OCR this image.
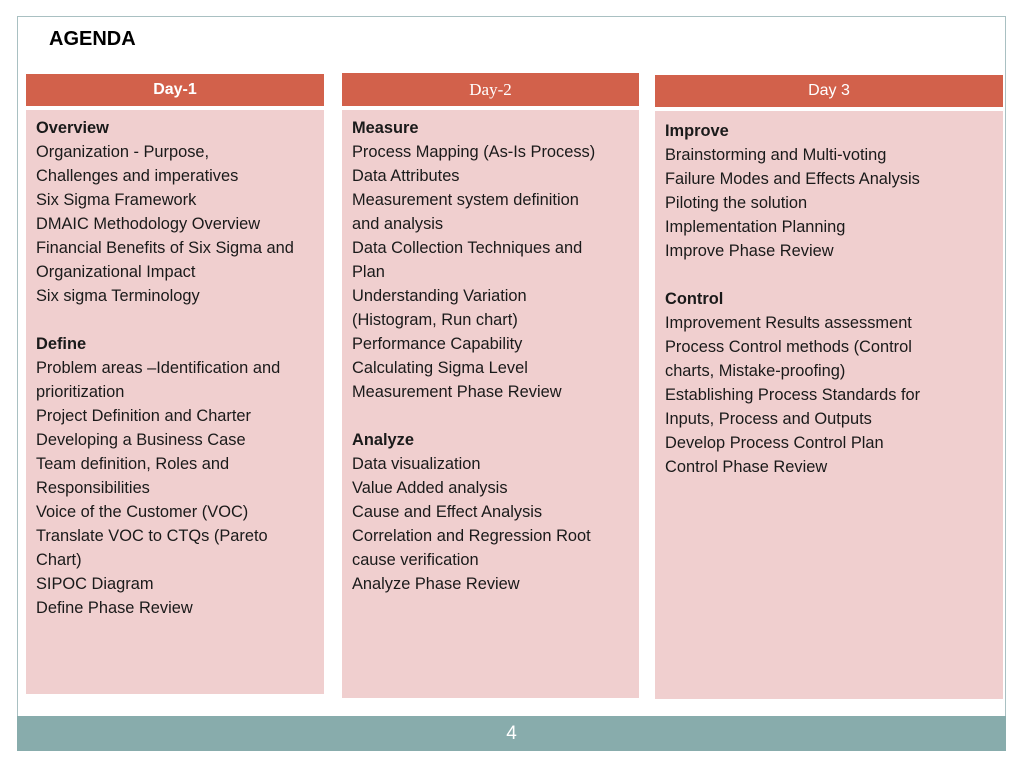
AGENDA
Day-1
Overview
Organization - Purpose,
Challenges and imperatives
Six Sigma Framework
DMAIC Methodology Overview
Financial Benefits of Six Sigma and
Organizational Impact
Six sigma Terminology
Define
Problem areas –Identification and
prioritization
Project Definition and Charter
Developing a Business Case
Team definition, Roles and
Responsibilities
Voice of the Customer (VOC)
Translate VOC to CTQs (Pareto
Chart)
SIPOC Diagram
Define Phase Review
Day-2
Measure
Process Mapping (As-Is Process)
Data Attributes
Measurement system definition
and analysis
Data Collection Techniques and
Plan
Understanding Variation
(Histogram, Run chart)
Performance Capability
Calculating Sigma Level
Measurement Phase Review
Analyze
Data visualization
Value Added analysis
Cause and Effect Analysis
Correlation and Regression Root
cause verification
Analyze Phase Review
Day 3
Improve
Brainstorming and Multi-voting
Failure Modes and Effects Analysis
Piloting the solution
Implementation Planning
Improve Phase Review
Control
Improvement Results assessment
Process Control methods (Control
charts, Mistake-proofing)
Establishing Process Standards for
Inputs, Process and Outputs
Develop Process Control Plan
Control Phase Review
4
